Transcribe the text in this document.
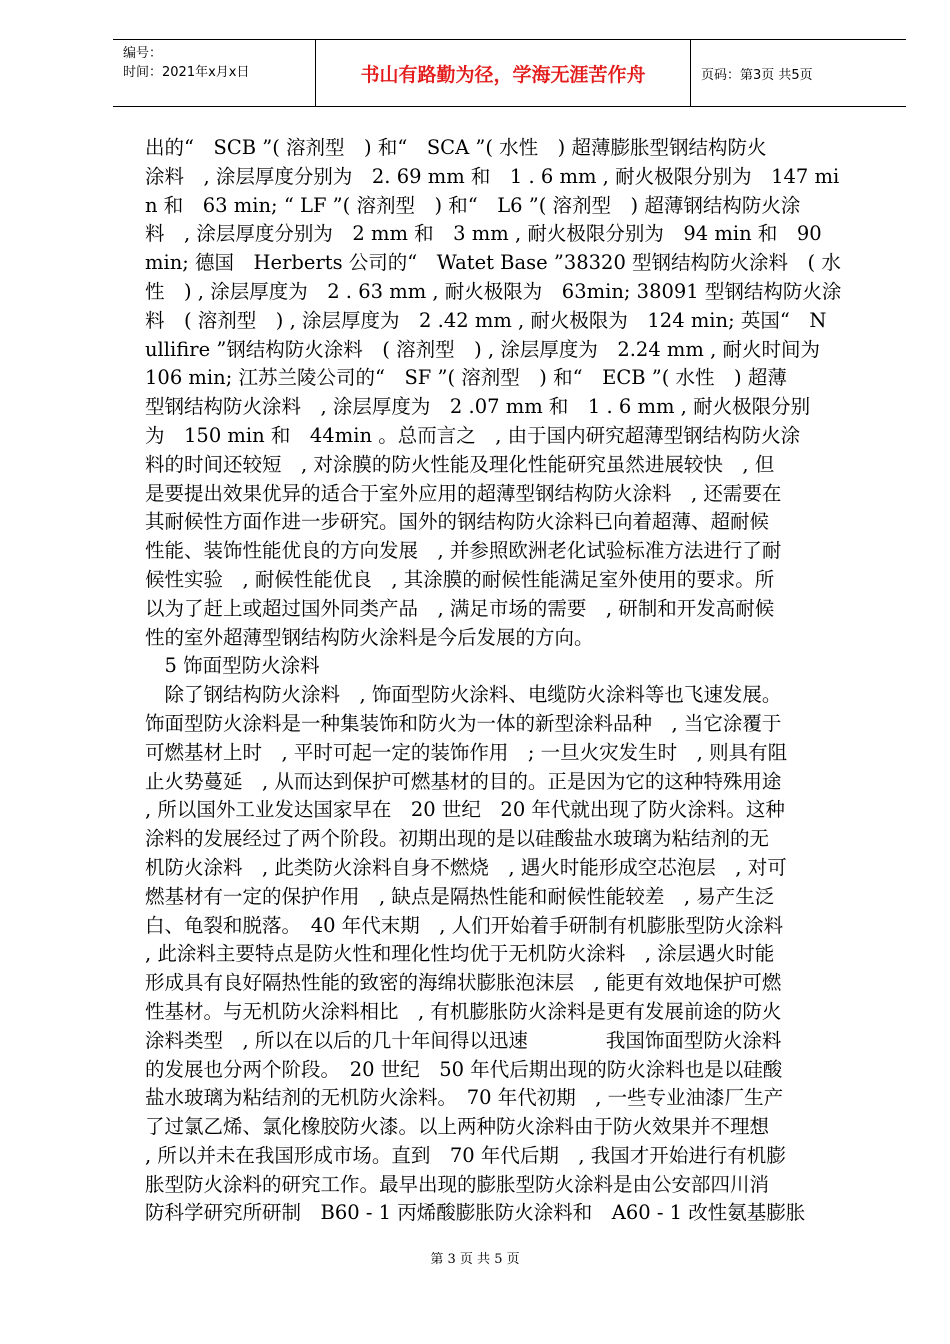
编号：
时间：2021年x月x日	书山有路勤为径，学海无涯苦作舟	页码：第3页 共5页
出的“　SCB ”( 溶剂型　) 和“　SCA ”( 水性　) 超薄膨胀型钢结构防火
涂料　, 涂层厚度分别为　2. 69 mm 和　1 . 6 mm , 耐火极限分别为　147 mi
n 和　63 min; “ LF ”( 溶剂型　) 和“　L6 ”( 溶剂型　) 超薄钢结构防火涂
料　, 涂层厚度分别为　2 mm 和　3 mm , 耐火极限分别为　94 min 和　90
min; 德国　Herberts 公司的“　Watet Base ”38320 型钢结构防火涂料　( 水
性　) , 涂层厚度为　2 . 63 mm , 耐火极限为　63min; 38091 型钢结构防火涂
料　( 溶剂型　) , 涂层厚度为　2 .42 mm , 耐火极限为　124 min; 英国“　N
ullifire ”钢结构防火涂料　( 溶剂型　) , 涂层厚度为　2.24 mm , 耐火时间为
106 min; 江苏兰陵公司的“　SF ”( 溶剂型　) 和“　ECB ”( 水性　) 超薄
型钢结构防火涂料　, 涂层厚度为　2 .07 mm 和　1 . 6 mm , 耐火极限分别
为　150 min 和　44min 。总而言之　, 由于国内研究超薄型钢结构防火涂
料的时间还较短　, 对涂膜的防火性能及理化性能研究虽然进展较快　, 但
是要提出效果优异的适合于室外应用的超薄型钢结构防火涂料　, 还需要在
其耐候性方面作进一步研究。国外的钢结构防火涂料已向着超薄、超耐候
性能、装饰性能优良的方向发展　, 并参照欧洲老化试验标准方法进行了耐
候性实验　, 耐候性能优良　, 其涂膜的耐候性能满足室外使用的要求。所
以为了赶上或超过国外同类产品　, 满足市场的需要　, 研制和开发高耐候
性的室外超薄型钢结构防火涂料是今后发展的方向。
　5 饰面型防火涂料
　除了钢结构防火涂料　, 饰面型防火涂料、电缆防火涂料等也飞速发展。
饰面型防火涂料是一种集装饰和防火为一体的新型涂料品种　, 当它涂覆于
可燃基材上时　, 平时可起一定的装饰作用　; 一旦火灾发生时　, 则具有阻
止火势蔓延　, 从而达到保护可燃基材的目的。正是因为它的这种特殊用途
, 所以国外工业发达国家早在　20 世纪　20 年代就出现了防火涂料。这种
涂料的发展经过了两个阶段。初期出现的是以硅酸盐水玻璃为粘结剂的无
机防火涂料　, 此类防火涂料自身不燃烧　, 遇火时能形成空芯泡层　, 对可
燃基材有一定的保护作用　, 缺点是隔热性能和耐候性能较差　, 易产生泛
白、龟裂和脱落。　40 年代末期　, 人们开始着手研制有机膨胀型防火涂料
, 此涂料主要特点是防火性和理化性均优于无机防火涂料　, 涂层遇火时能
形成具有良好隔热性能的致密的海绵状膨胀泡沫层　, 能更有效地保护可燃
性基材。与无机防火涂料相比　, 有机膨胀防火涂料是更有发展前途的防火
涂料类型　, 所以在以后的几十年间得以迅速　　　　我国饰面型防火涂料
的发展也分两个阶段。　20 世纪　50 年代后期出现的防火涂料也是以硅酸
盐水玻璃为粘结剂的无机防火涂料。　70 年代初期　, 一些专业油漆厂生产
了过氯乙烯、氯化橡胶防火漆。以上两种防火涂料由于防火效果并不理想
, 所以并未在我国形成市场。直到　70 年代后期　, 我国才开始进行有机膨
胀型防火涂料的研究工作。最早出现的膨胀型防火涂料是由公安部四川消
防科学研究所研制　B60 - 1 丙烯酸膨胀防火涂料和　A60 - 1 改性氨基膨胀
第 3 页 共 5 页
